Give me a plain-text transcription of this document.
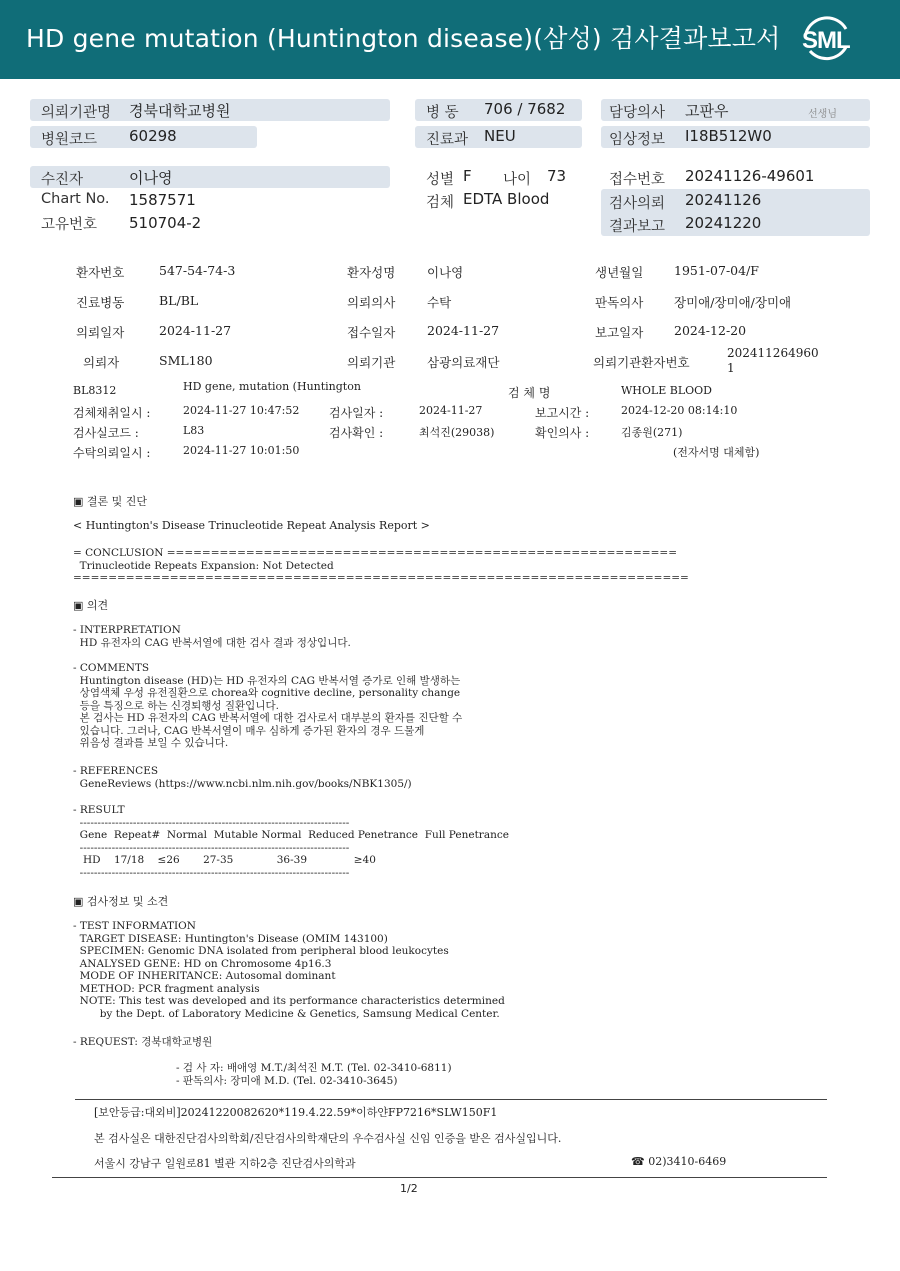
HD gene mutation (Huntington disease)(삼성) 검사결과보고서 SML
의뢰기관명 경북대학교병원
병원코드 60298
병 동 706 / 7682
진료과 NEU
담당의사 고판우	선생님
임상정보 I18B512W0
수진자	이나영
Chart No. 1587571
고유번호 510704-2
성별 F 나이 73
검체 EDTA Blood
접수번호 20241126-49601
검사의뢰 20241126
결과보고 20241220
환자번호	547-54-74-3	환자성명	이나영	생년월일 1951-07-04/F
진료병동	BL/BL	의뢰의사	수탁	판독의사 장미애/장미애/장미애
의뢰일자	2024-11-27	접수일자	2024-11-27	보고일자 2024-12-20
의뢰자	SML180	의뢰기관	삼광의료재단	의뢰기관환자번호
202411264960
1
BL8312	HD gene, mutation (Huntington	검 체 명	WHOLE BLOOD
검체채취일시 :	2024-11-27 10:47:52 검사일자 :	2024-11-27	보고시간 :	2024-12-20 08:14:10
검사실코드 :	L83	검사확인 :	최석진(29038)	확인의사 :	김종원(271)
수탁의뢰일시 :	2024-11-27 10:01:50	(전자서명 대체함)
▣ 결론 및 진단
< Huntington's Disease Trinucleotide Repeat Analysis Report >
= CONCLUSION ==========================================================
Trinucleotide Repeats Expansion: Not Detected
======================================================================
▣ 의견
- INTERPRETATION
HD 유전자의 CAG 반복서열에 대한 검사 결과 정상입니다.
- COMMENTS
Huntington disease (HD)는 HD 유전자의 CAG 반복서열 증가로 인해 발생하는
상염색체 우성 유전질환으로 chorea와 cognitive decline, personality change
등을 특징으로 하는 신경퇴행성 질환입니다.
본 검사는 HD 유전자의 CAG 반복서열에 대한 검사로서 대부분의 환자를 진단할 수
있습니다. 그러나, CAG 반복서열이 매우 심하게 증가된 환자의 경우 드물게
위음성 결과를 보일 수 있습니다.
- REFERENCES
GeneReviews (https://www.ncbi.nlm.nih.gov/books/NBK1305/)
- RESULT
----------------------------------------------------------------------------
Gene  Repeat#  Normal  Mutable Normal  Reduced Penetrance  Full Penetrance
----------------------------------------------------------------------------
HD    17/18    ≤26       27-35             36-39              ≥40
----------------------------------------------------------------------------
▣ 검사정보 및 소견
- TEST INFORMATION
TARGET DISEASE: Huntington's Disease (OMIM 143100)
SPECIMEN: Genomic DNA isolated from peripheral blood leukocytes
ANALYSED GENE: HD on Chromosome 4p16.3
MODE OF INHERITANCE: Autosomal dominant
METHOD: PCR fragment analysis
NOTE: This test was developed and its performance characteristics determined
by the Dept. of Laboratory Medicine & Genetics, Samsung Medical Center.
- REQUEST: 경북대학교병원
- 검 사 자: 배애영 M.T./최석진 M.T. (Tel. 02-3410-6811)
- 판독의사: 장미애 M.D. (Tel. 02-3410-3645)
[보안등급:대외비]20241220082620*119.4.22.59*이하얀FP7216*SLW150F1
본 검사실은 대한진단검사의학회/진단검사의학재단의 우수검사실 신임 인증을 받은 검사실입니다.
서울시 강남구 일원로81 별관 지하2층 진단검사의학과	☎ 02)3410-6469
1/2
